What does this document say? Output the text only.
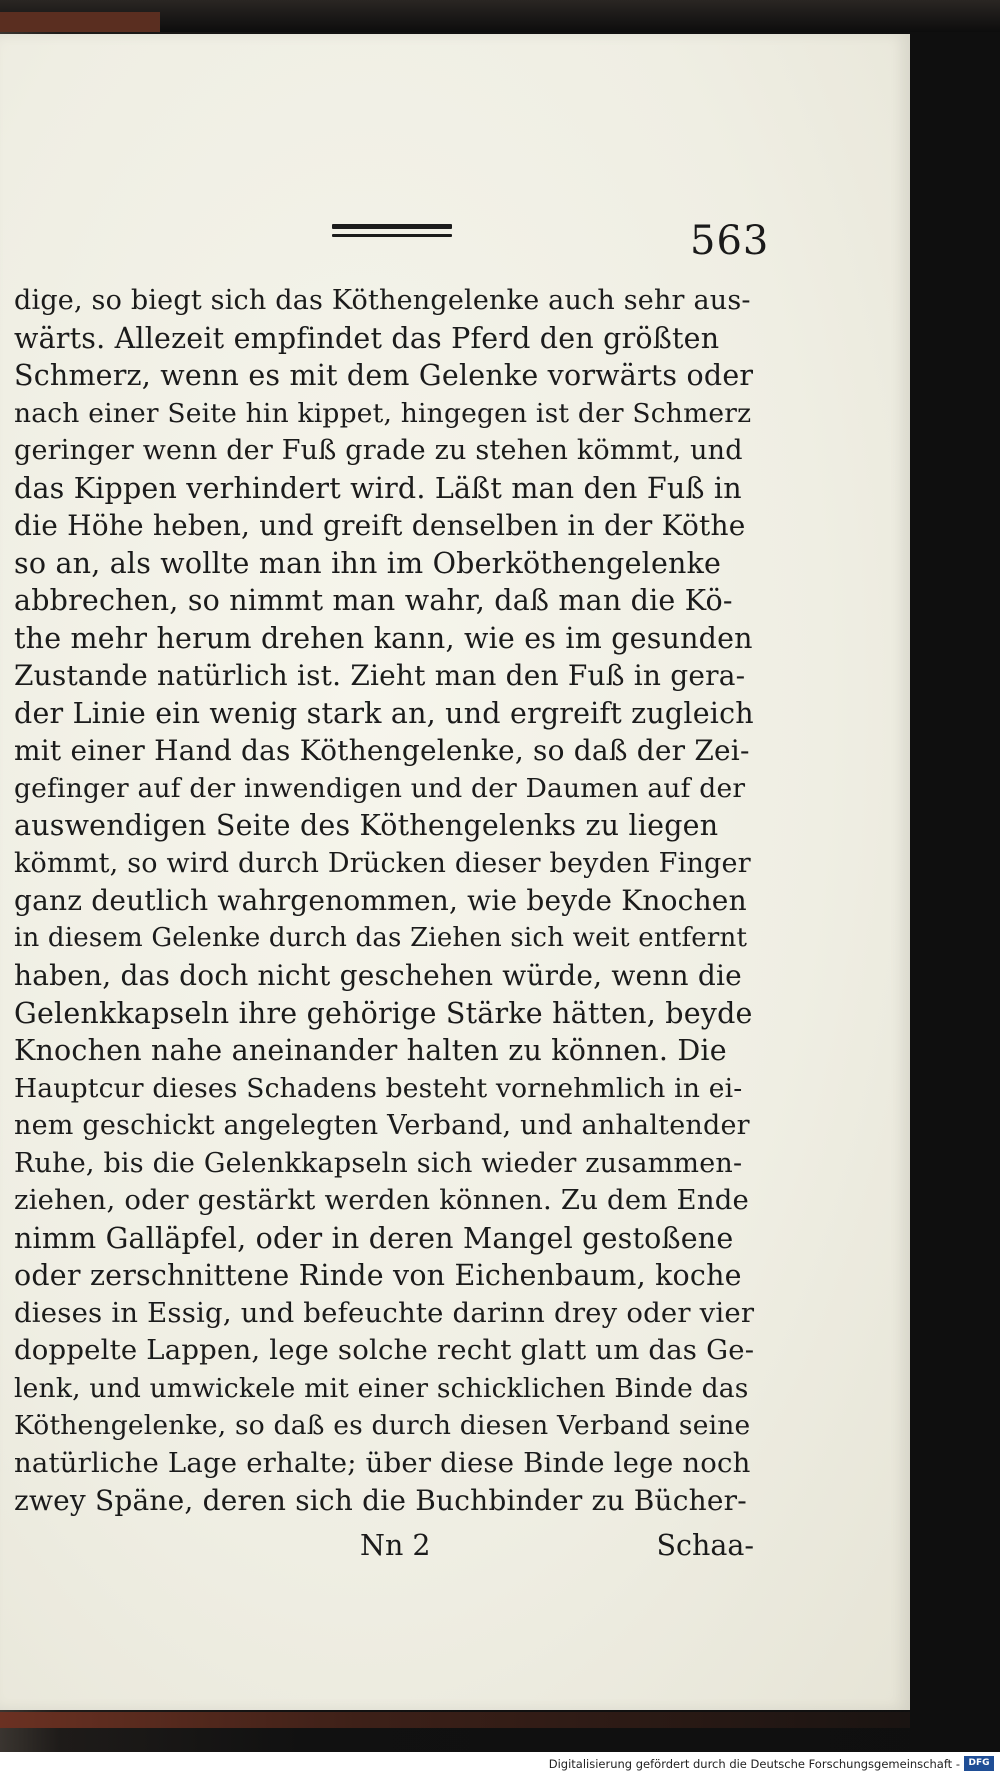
563
dige, so biegt sich das Köthengelenke auch sehr aus-
wärts. Allezeit empfindet das Pferd den größten
Schmerz, wenn es mit dem Gelenke vorwärts oder
nach einer Seite hin kippet, hingegen ist der Schmerz
geringer wenn der Fuß grade zu stehen kömmt, und
das Kippen verhindert wird. Läßt man den Fuß in
die Höhe heben, und greift denselben in der Köthe
so an, als wollte man ihn im Oberköthengelenke
abbrechen, so nimmt man wahr, daß man die Kö-
the mehr herum drehen kann, wie es im gesunden
Zustande natürlich ist. Zieht man den Fuß in gera-
der Linie ein wenig stark an, und ergreift zugleich
mit einer Hand das Köthengelenke, so daß der Zei-
gefinger auf der inwendigen und der Daumen auf der
auswendigen Seite des Köthengelenks zu liegen
kömmt, so wird durch Drücken dieser beyden Finger
ganz deutlich wahrgenommen, wie beyde Knochen
in diesem Gelenke durch das Ziehen sich weit entfernt
haben, das doch nicht geschehen würde, wenn die
Gelenkkapseln ihre gehörige Stärke hätten, beyde
Knochen nahe aneinander halten zu können. Die
Hauptcur dieses Schadens besteht vornehmlich in ei-
nem geschickt angelegten Verband, und anhaltender
Ruhe, bis die Gelenkkapseln sich wieder zusammen-
ziehen, oder gestärkt werden können. Zu dem Ende
nimm Galläpfel, oder in deren Mangel gestoßene
oder zerschnittene Rinde von Eichenbaum, koche
dieses in Essig, und befeuchte darinn drey oder vier
doppelte Lappen, lege solche recht glatt um das Ge-
lenk, und umwickele mit einer schicklichen Binde das
Köthengelenke, so daß es durch diesen Verband seine
natürliche Lage erhalte; über diese Binde lege noch
zwey Späne, deren sich die Buchbinder zu Bücher-
Nn 2	Schaa-
Digitalisierung gefördert durch die Deutsche Forschungsgemeinschaft - DFG
